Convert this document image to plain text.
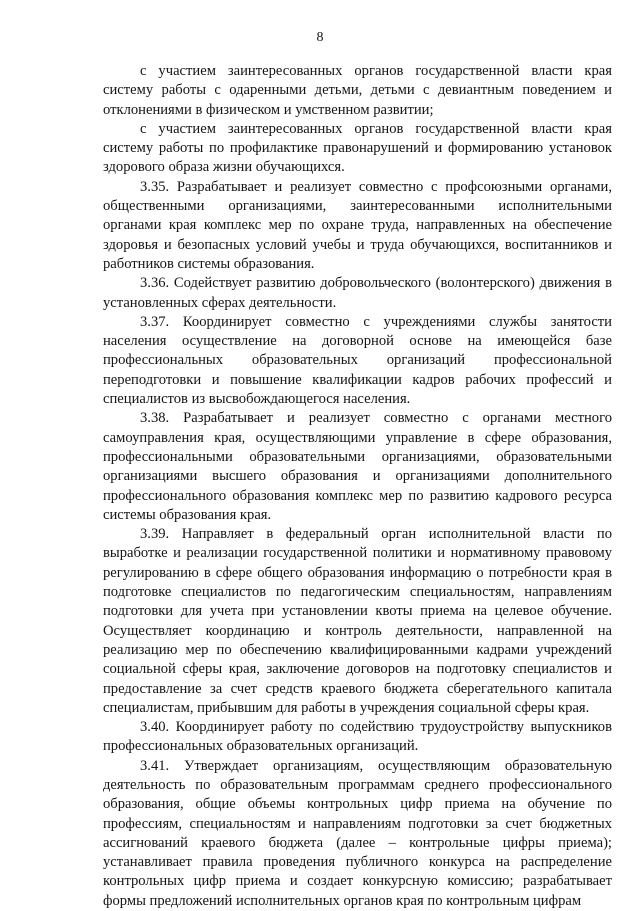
8

с участием заинтересованных органов государственной власти края систему работы с одаренными детьми, детьми с девиантным поведением и отклонениями в физическом и умственном развитии;

с участием заинтересованных органов государственной власти края систему работы по профилактике правонарушений и формированию установок здорового образа жизни обучающихся.

3.35. Разрабатывает и реализует совместно с профсоюзными органами, общественными организациями, заинтересованными исполнительными органами края комплекс мер по охране труда, направленных на обеспечение здоровья и безопасных условий учебы и труда обучающихся, воспитанников и работников системы образования.

3.36. Содействует развитию добровольческого (волонтерского) движения в установленных сферах деятельности.

3.37. Координирует совместно с учреждениями службы занятости населения осуществление на договорной основе на имеющейся базе профессиональных образовательных организаций профессиональной переподготовки и повышение квалификации кадров рабочих профессий и специалистов из высвобождающегося населения.

3.38. Разрабатывает и реализует совместно с органами местного самоуправления края, осуществляющими управление в сфере образования, профессиональными образовательными организациями, образовательными организациями высшего образования и организациями дополнительного профессионального образования комплекс мер по развитию кадрового ресурса системы образования края.

3.39. Направляет в федеральный орган исполнительной власти по выработке и реализации государственной политики и нормативному правовому регулированию в сфере общего образования информацию о потребности края в подготовке специалистов по педагогическим специальностям, направлениям подготовки для учета при установлении квоты приема на целевое обучение. Осуществляет координацию и контроль деятельности, направленной на реализацию мер по обеспечению квалифицированными кадрами учреждений социальной сферы края, заключение договоров на подготовку специалистов и предоставление за счет средств краевого бюджета сберегательного капитала специалистам, прибывшим для работы в учреждения социальной сферы края.

3.40. Координирует работу по содействию трудоустройству выпускников профессиональных образовательных организаций.

3.41. Утверждает организациям, осуществляющим образовательную деятельность по образовательным программам среднего профессионального образования, общие объемы контрольных цифр приема на обучение по профессиям, специальностям и направлениям подготовки за счет бюджетных ассигнований краевого бюджета (далее – контрольные цифры приема); устанавливает правила проведения публичного конкурса на распределение контрольных цифр приема и создает конкурсную комиссию; разрабатывает формы предложений исполнительных органов края по контрольным цифрам
